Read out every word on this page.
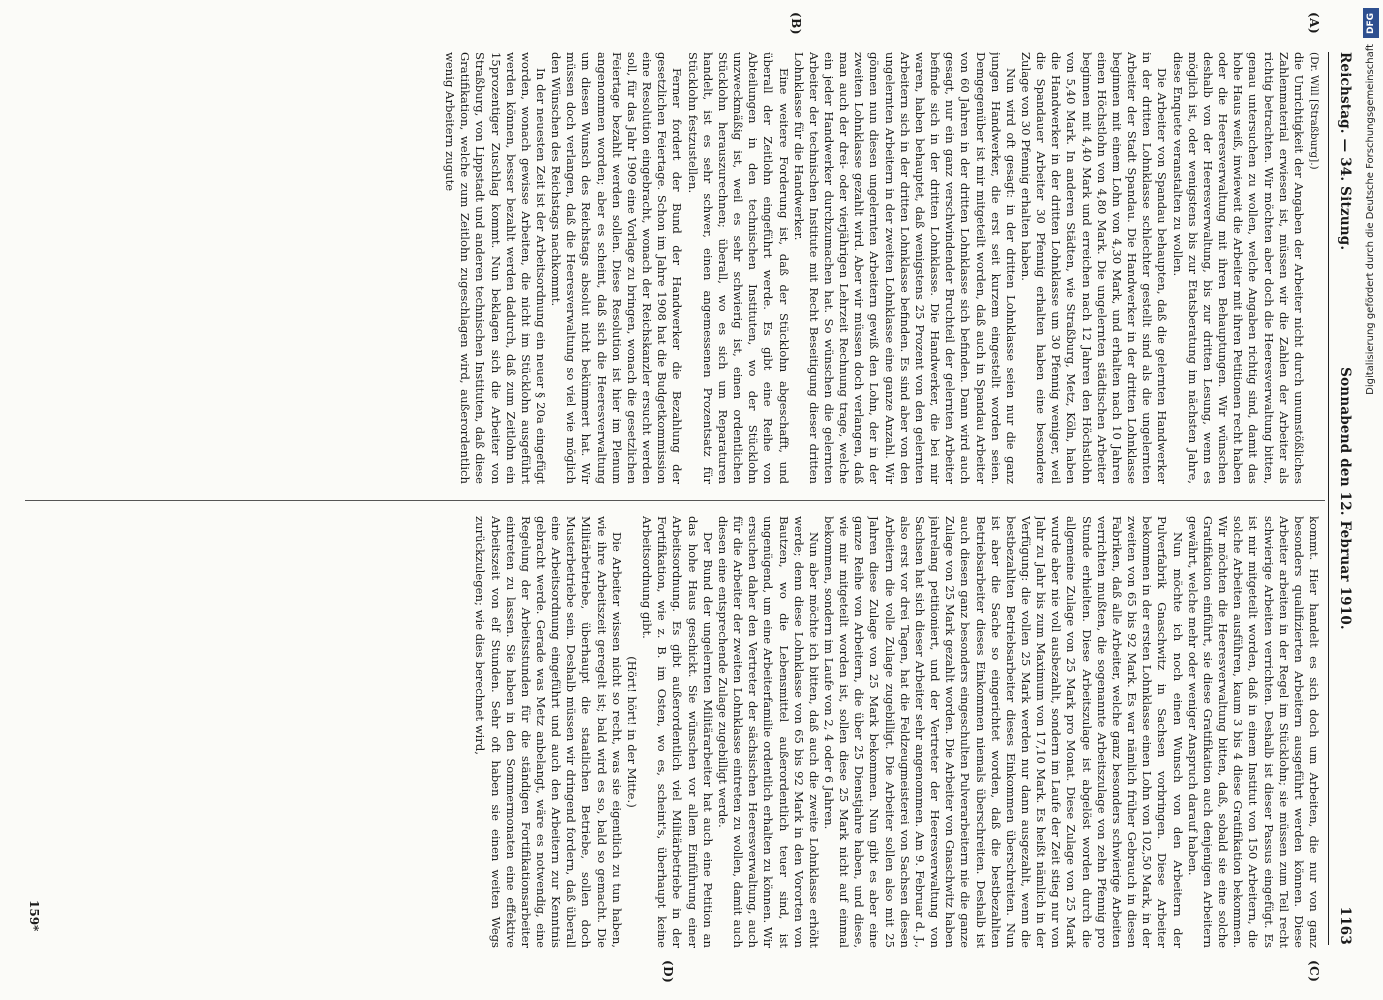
Reichstag. — 34. Sitzung.
Sonnabend den 12. Februar 1910.
1163
(A)
(B)
(C)
(D)

(Dr. Will [Straßburg].)

die Unrichtigkeit der Angaben der Arbeiter nicht durch unumstößliches Zahlenmaterial erwiesen ist, müssen wir die Zahlen der Arbeiter als richtig betrachten. Wir möchten aber doch die Heeresverwaltung bitten, genau untersuchen zu wollen, welche Angaben richtig sind, damit das hohe Haus weiß, inwieweit die Arbeiter mit ihren Petitionen recht haben oder die Heeresverwaltung mit ihren Behauptungen. Wir wünschen deshalb von der Heeresverwaltung, bis zur dritten Lesung, wenn es möglich ist, oder wenigstens bis zur Etatsberatung im nächsten Jahre, diese Enquete veranstalten zu wollen.

Die Arbeiter von Spandau behaupten, daß die gelernten Handwerker in der dritten Lohnklasse schlechter gestellt sind als die ungelernten Arbeiter der Stadt Spandau. Die Handwerker in der dritten Lohnklasse beginnen mit einem Lohn von 4,30 Mark, und erhalten nach 10 Jahren einen Höchstlohn von 4,80 Mark. Die ungelernten städtischen Arbeiter beginnen mit 4,40 Mark und erreichen nach 12 Jahren den Höchstlohn von 5,40 Mark. In anderen Städten, wie Straßburg, Metz, Köln, haben die Handwerker in der dritten Lohnklasse um 30 Pfennig weniger, weil die Spandauer Arbeiter 30 Pfennig erhalten haben eine besondere Zulage von 30 Pfennig erhalten haben.

Nun wird oft gesagt: in der dritten Lohnklasse seien nur die ganz jungen Handwerker, die erst seit kurzem eingestellt worden seien. Demgegenüber ist mir mitgeteilt worden, daß auch in Spandau Arbeiter von 60 Jahren in der dritten Lohnklasse sich befinden. Dann wird auch gesagt, nur ein ganz verschwindender Bruchteil der gelernten Arbeiter befinde sich in der dritten Lohnklasse. Die Handwerker, die bei mir waren, haben behauptet, daß wenigstens 25 Prozent von den gelernten Arbeitern sich in der dritten Lohnklasse befinden. Es sind aber von den ungelernten Arbeitern in der zweiten Lohnklasse eine ganze Anzahl. Wir gönnen nun diesen ungelernten Arbeitern gewiß den Lohn, der in der zweiten Lohnklasse gezahlt wird. Aber wir müssen doch verlangen, daß man auch der drei- oder vierjährigen Lehrzeit Rechnung trage, welche ein jeder Handwerker durchzumachen hat. So wünschen die gelernten Arbeiter der technischen Institute mit Recht Beseitigung dieser dritten Lohnklasse für die Handwerker.

Eine weitere Forderung ist, daß der Stücklohn abgeschafft, und überall der Zeitlohn eingeführt werde. Es gibt eine Reihe von Abteilungen in den technischen Instituten, wo der Stücklohn unzweckmäßig ist, weil es sehr schwierig ist, einen ordentlichen Stücklohn herauszurechnen; überall, wo es sich um Reparaturen handelt, ist es sehr schwer, einen angemessenen Prozentsatz für Stücklohn festzustellen.

Ferner fordert der Bund der Handwerker die Bezahlung der gesetzlichen Feiertage. Schon im Jahre 1908 hat die Budgetkommission eine Resolution eingebracht, wonach der Reichskanzler ersucht werden soll, für das Jahr 1909 eine Vorlage zu bringen, wonach die gesetzlichen Feiertage bezahlt werden sollen. Diese Resolution ist hier im Plenum angenommen worden; aber es scheint, daß sich die Heeresverwaltung um diesen Wunsch des Reichstags absolut nicht bekümmert hat. Wir müssen doch verlangen, daß die Heeresverwaltung so viel wie möglich den Wünschen des Reichstags nachkommt.

In der neuesten Zeit ist der Arbeitsordnung ein neuer § 20a eingefügt worden, wonach gewisse Arbeiten, die nicht im Stücklohn ausgeführt werden können, besser bezahlt werden dadurch, daß zum Zeitlohn ein 15prozentiger Zuschlag kommt. Nun beklagen sich die Arbeiter von Straßburg, von Lippstadt und anderen technischen Instituten, daß diese Gratifikation, welche zum Zeitlohn zugeschlagen wird, außerordentlich wenig Arbeitern zugute

kommt. Hier handelt es sich doch um Arbeiten, die nur von ganz besonders qualifizierten Arbeitern ausgeführt werden können. Diese Arbeiter arbeiten in der Regel im Stücklohn; sie müssen zum Teil recht schwierige Arbeiten verrichten. Deshalb ist dieser Passus eingefügt. Es ist mir mitgeteilt worden, daß in einem Institut von 150 Arbeitern, die solche Arbeiten ausführen, kaum 3 bis 4 diese Gratifikation bekommen. Wir möchten die Heeresverwaltung bitten, daß, sobald sie eine solche Gratifikation einführt, sie diese Gratifikation auch denjenigen Arbeitern gewährt, welche mehr oder weniger Anspruch darauf haben.

Nun möchte ich noch einen Wunsch von den Arbeitern der Pulverfabrik Gnaschwitz in Sachsen vorbringen. Diese Arbeiter bekommen in der ersten Lohnklasse einen Lohn von 102,50 Mark, in der zweiten von 65 bis 92 Mark. Es war nämlich früher Gebrauch in diesen Fabriken, daß alle Arbeiter, welche ganz besonders schwierige Arbeiten verrichten mußten, die sogenannte Arbeitszulage von zehn Pfennig pro Stunde erhielten. Diese Arbeitszulage ist abgelöst worden durch die allgemeine Zulage von 25 Mark pro Monat. Diese Zulage von 25 Mark wurde aber nie voll ausbezahlt, sondern im Laufe der Zeit stieg nur von Jahr zu Jahr bis zum Maximum von 17,10 Mark. Es heißt nämlich in der Verfügung: die vollen 25 Mark werden nur dann ausgezahlt, wenn die bestbezahlten Betriebsarbeiter dieses Einkommen überschreiten. Nun ist aber die Sache so eingerichtet worden, daß die bestbezahlten Betriebsarbeiter dieses Einkommen niemals überschreiten. Deshalb ist auch diesen ganz besonders eingeschulten Pulverarbeitern nie die ganze Zulage von 25 Mark gezahlt worden. Die Arbeiter von Gnaschwitz haben jahrelang petitioniert, und der Vertreter der Heeresverwaltung von Sachsen hat sich dieser Arbeiter sehr angenommen. Am 9. Februar d. J., also erst vor drei Tagen, hat die Feldzeugmeisterei von Sachsen diesen Arbeitern die volle Zulage zugebilligt. Die Arbeiter sollen also mit 25 Jahren diese Zulage von 25 Mark bekommen. Nun gibt es aber eine ganze Reihe von Arbeitern, die über 25 Dienstjahre haben, und diese, wie mir mitgeteilt worden ist, sollen diese 25 Mark nicht auf einmal bekommen, sondern im Laufe von 2, 4 oder 6 Jahren.

Nun aber möchte ich bitten, daß auch die zweite Lohnklasse erhöht werde; denn diese Lohnklasse von 65 bis 92 Mark in den Vororten von Bautzen, wo die Lebensmittel außerordentlich teuer sind, ist ungenügend, um eine Arbeiterfamilie ordentlich erhalten zu können. Wir ersuchen daher den Vertreter der sächsischen Heeresverwaltung, auch für die Arbeiter der zweiten Lohnklasse eintreten zu wollen, damit auch diesen eine entsprechende Zulage zugebilligt werde.

Der Bund der ungelernten Militärarbeiter hat auch eine Petition an das hohe Haus geschickt. Sie wünschen vor allem Einführung einer Arbeitsordnung. Es gibt außerordentlich viel Militärbetriebe in der Fortifikation, wie z. B. im Osten, wo es, scheint's, überhaupt keine Arbeitsordnung gibt.

(Hört! hört! in der Mitte.)

Die Arbeiter wissen nicht so recht, was sie eigentlich zu tun haben, wie ihre Arbeitszeit geregelt ist; bald wird es so, bald so gemacht. Die Militärbetriebe, überhaupt die staatlichen Betriebe, sollen doch Musterbetriebe sein. Deshalb müssen wir dringend fordern, daß überall eine Arbeitsordnung eingeführt und auch den Arbeitern zur Kenntnis gebracht werde. Gerade was Metz anbelangt, wäre es notwendig, eine Regelung der Arbeitsstunden für die ständigen Fortifikationsarbeiter eintreten zu lassen. Sie haben in den Sommermonaten eine effektive Arbeitszeit von elf Stunden. Sehr oft haben sie einen weiten Wegs zurückzulegen; wie dies berechnet wird,

159*
DFG
Digitalisierung gefördert durch die Deutsche Forschungsgemeinschaft
